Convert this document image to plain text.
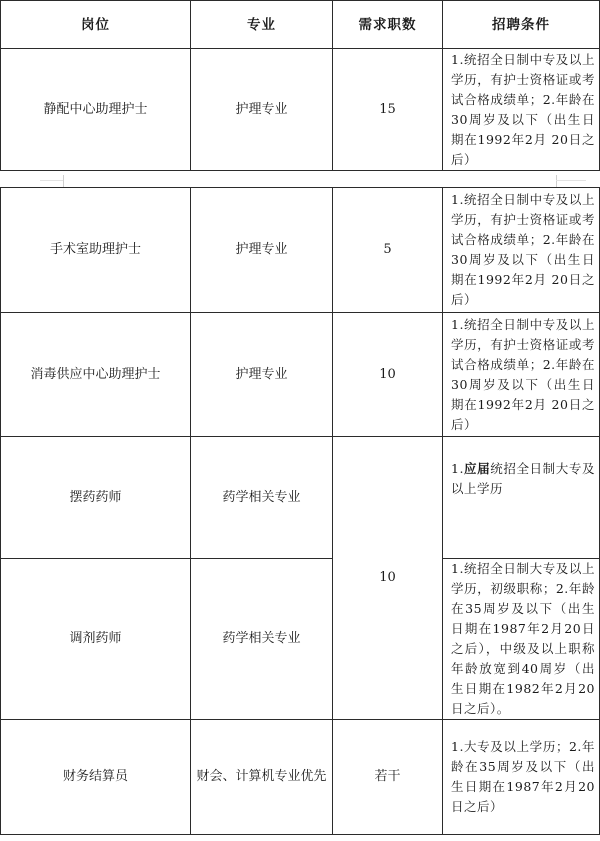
岗位	专业	需求职数	招聘条件
静配中心助理护士	护理专业	15	1.统招全日制中专及以上学历，有护士资格证或考试合格成绩单；2.年龄在30周岁及以下（出生日期在1992年2月 20日之后）
手术室助理护士	护理专业	5	1.统招全日制中专及以上学历，有护士资格证或考试合格成绩单；2.年龄在30周岁及以下（出生日期在1992年2月 20日之后）
消毒供应中心助理护士	护理专业	10	1.统招全日制中专及以上学历，有护士资格证或考试合格成绩单；2.年龄在30周岁及以下（出生日期在1992年2月 20日之后）
摆药药师	药学相关专业	10	1.应届统招全日制大专及以上学历
调剂药师	药学相关专业		1.统招全日制大专及以上学历，初级职称；2.年龄在35周岁及以下（出生日期在1987年2月20日之后），中级及以上职称年龄放宽到40周岁（出生日期在1982年2月20日之后）。
财务结算员	财会、计算机专业优先	若干	1.大专及以上学历；2.年龄在35周岁及以下（出生日期在1987年2月20日之后）
